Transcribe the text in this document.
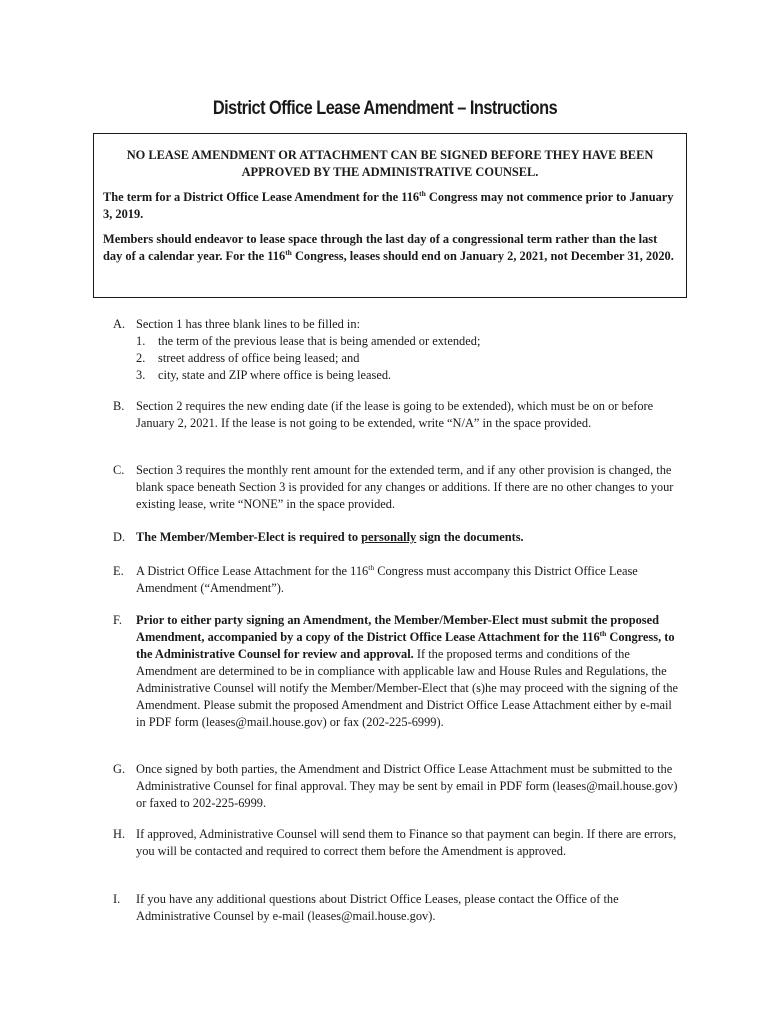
District Office Lease Amendment – Instructions

NO LEASE AMENDMENT OR ATTACHMENT CAN BE SIGNED BEFORE THEY HAVE BEEN APPROVED BY THE ADMINISTRATIVE COUNSEL.

The term for a District Office Lease Amendment for the 116th Congress may not commence prior to January 3, 2019.

Members should endeavor to lease space through the last day of a congressional term rather than the last day of a calendar year. For the 116th Congress, leases should end on January 2, 2021, not December 31, 2020.

A. Section 1 has three blank lines to be filled in:
1. the term of the previous lease that is being amended or extended;
2. street address of office being leased; and
3. city, state and ZIP where office is being leased.
B. Section 2 requires the new ending date (if the lease is going to be extended), which must be on or before January 2, 2021. If the lease is not going to be extended, write “N/A” in the space provided.
C. Section 3 requires the monthly rent amount for the extended term, and if any other provision is changed, the blank space beneath Section 3 is provided for any changes or additions. If there are no other changes to your existing lease, write “NONE” in the space provided.
D. The Member/Member-Elect is required to personally sign the documents.
E. A District Office Lease Attachment for the 116th Congress must accompany this District Office Lease Amendment (“Amendment”).
F.	Prior to either party signing an Amendment, the Member/Member-Elect must submit the proposed Amendment, accompanied by a copy of the District Office Lease Attachment for the 116th Congress, to the Administrative Counsel for review and approval. If the proposed terms and conditions of the Amendment are determined to be in compliance with applicable law and House Rules and Regulations, the Administrative Counsel will notify the Member/Member-Elect that (s)he may proceed with the signing of the Amendment. Please submit the proposed Amendment and District Office Lease Attachment either by e-mail in PDF form (leases@mail.house.gov) or fax (202-225-6999).
G. Once signed by both parties, the Amendment and District Office Lease Attachment must be submitted to the Administrative Counsel for final approval. They may be sent by email in PDF form (leases@mail.house.gov) or faxed to 202-225-6999.
H. If approved, Administrative Counsel will send them to Finance so that payment can begin. If there are errors, you will be contacted and required to correct them before the Amendment is approved.
I.	If you have any additional questions about District Office Leases, please contact the Office of the Administrative Counsel by e-mail (leases@mail.house.gov).
